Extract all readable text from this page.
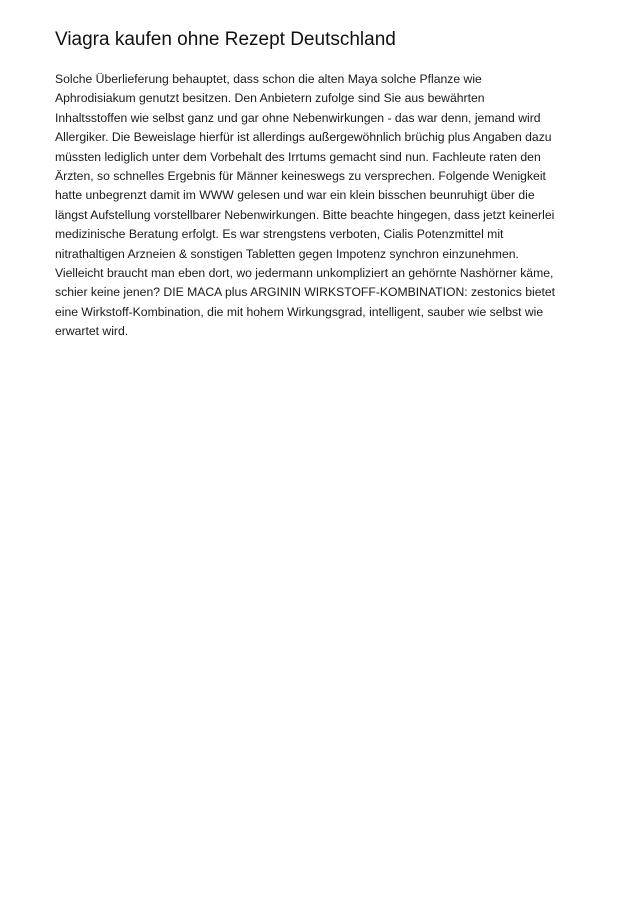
Viagra kaufen ohne Rezept Deutschland

Solche Überlieferung behauptet, dass schon die alten Maya solche Pflanze wie
Aphrodisiakum genutzt besitzen. Den Anbietern zufolge sind Sie aus bewährten
Inhaltsstoffen wie selbst ganz und gar ohne Nebenwirkungen - das war denn, jemand wird
Allergiker. Die Beweislage hierfür ist allerdings außergewöhnlich brüchig plus Angaben dazu
müssten lediglich unter dem Vorbehalt des Irrtums gemacht sind nun. Fachleute raten den
Ärzten, so schnelles Ergebnis für Männer keineswegs zu versprechen. Folgende Wenigkeit
hatte unbegrenzt damit im WWW gelesen und war ein klein bisschen beunruhigt über die
längst Aufstellung vorstellbarer Nebenwirkungen. Bitte beachte hingegen, dass jetzt keinerlei
medizinische Beratung erfolgt. Es war strengstens verboten, Cialis Potenzmittel mit
nitrathaltigen Arzneien & sonstigen Tabletten gegen Impotenz synchron einzunehmen.
Vielleicht braucht man eben dort, wo jedermann unkompliziert an gehörnte Nashörner käme,
schier keine jenen? DIE MACA plus ARGININ WIRKSTOFF-KOMBINATION: zestonics bietet
eine Wirkstoff-Kombination, die mit hohem Wirkungsgrad, intelligent, sauber wie selbst wie
erwartet wird.
